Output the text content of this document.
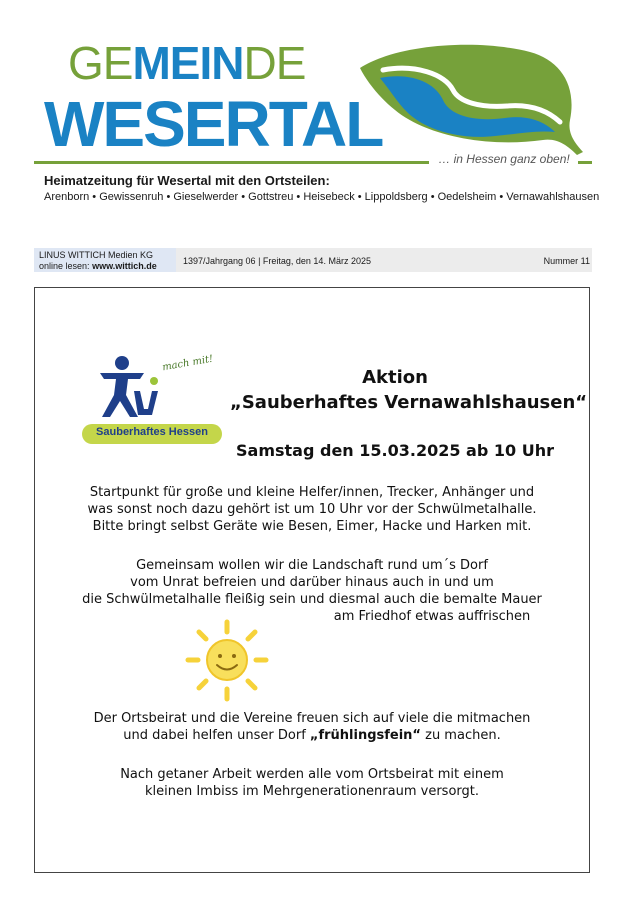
GEMEINDE
WESERTAL	… in Hessen ganz oben!
Heimatzeitung für Wesertal mit den Ortsteilen:
Arenborn • Gewissenruh • Gieselwerder • Gottstreu • Heisebeck • Lippoldsberg • Oedelsheim • Vernawahlshausen
LINUS WITTICH Medien KG
online lesen: www.wittich.de	1397/Jahrgang 06 | Freitag, den 14. März 2025	Nummer 11
mach mit!
Sauberhaftes Hessen
Aktion
„Sauberhaftes Vernawahlshausen“
Samstag den 15.03.2025 ab 10 Uhr
Startpunkt für große und kleine Helfer/innen, Trecker, Anhänger und
was sonst noch dazu gehört ist um 10 Uhr vor der Schwülmetalhalle.
Bitte bringt selbst Geräte wie Besen, Eimer, Hacke und Harken mit.
Gemeinsam wollen wir die Landschaft rund um´s Dorf
vom Unrat befreien und darüber hinaus auch in und um
die Schwülmetalhalle fleißig sein und diesmal auch die bemalte Mauer
am Friedhof etwas auffrischen
Der Ortsbeirat und die Vereine freuen sich auf viele die mitmachen
und dabei helfen unser Dorf „frühlingsfein“ zu machen.
Nach getaner Arbeit werden alle vom Ortsbeirat mit einem
kleinen Imbiss im Mehrgenerationenraum versorgt.
